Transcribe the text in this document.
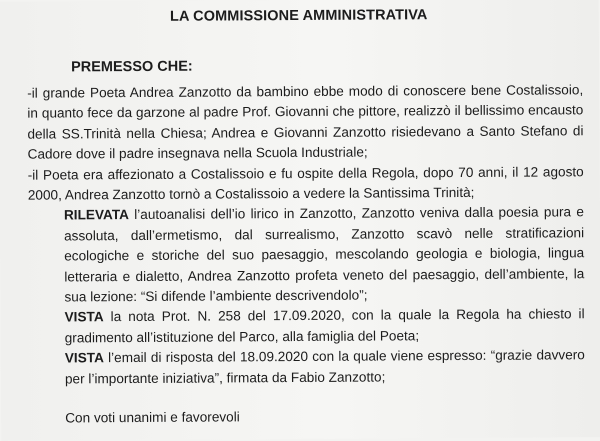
LA COMMISSIONE AMMINISTRATIVA
PREMESSO CHE:

-il grande Poeta Andrea Zanzotto da bambino ebbe modo di conoscere bene Costalissoio, in quanto fece da garzone al padre Prof. Giovanni che pittore, realizzò il bellissimo encausto della SS.Trinità nella Chiesa; Andrea e Giovanni Zanzotto risiedevano a Santo Stefano di Cadore dove il padre insegnava nella Scuola Industriale;

-il Poeta era affezionato a Costalissoio e fu ospite della Regola, dopo 70 anni, il 12 agosto 2000, Andrea Zanzotto tornò a Costalissoio a vedere la Santissima Trinità;

RILEVATA l’autoanalisi dell’io lirico in Zanzotto, Zanzotto veniva dalla poesia pura e assoluta, dall’ermetismo, dal surrealismo, Zanzotto scavò nelle stratificazioni ecologiche e storiche del suo paesaggio, mescolando geologia e biologia, lingua letteraria e dialetto, Andrea Zanzotto profeta veneto del paesaggio, dell’ambiente, la sua lezione: “Si difende l’ambiente descrivendolo”;

VISTA la nota Prot. N. 258 del 17.09.2020, con la quale la Regola ha chiesto il gradimento all’istituzione del Parco, alla famiglia del Poeta;

VISTA l’email di risposta del 18.09.2020 con la quale viene espresso: “grazie davvero per l’importante iniziativa”, firmata da Fabio Zanzotto;

Con voti unanimi e favorevoli
